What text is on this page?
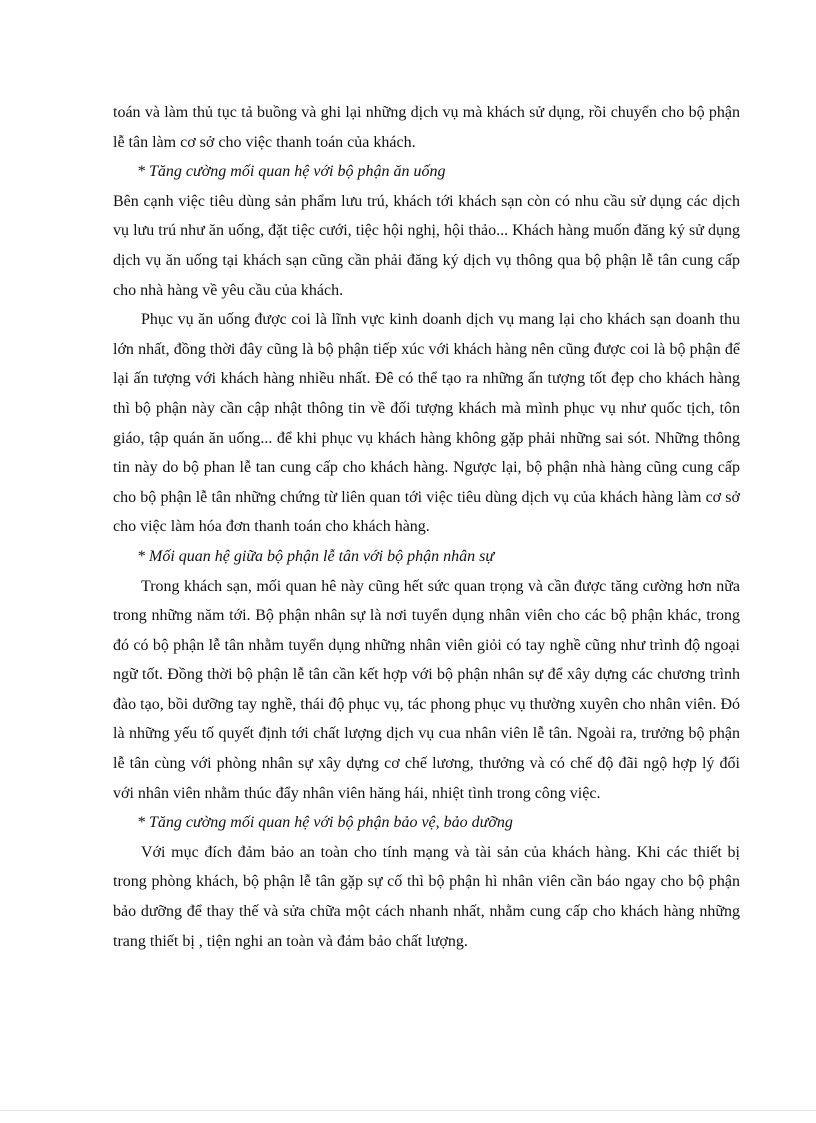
toán và làm thủ tục tả buồng và ghi lại những dịch vụ mà khách sử dụng, rồi chuyển cho bộ phận lễ tân làm cơ sở cho việc thanh toán của khách.

* Tăng cường mối quan hệ với bộ phận ăn uống

Bên cạnh việc tiêu dùng sản phẩm lưu trú, khách tới khách sạn còn có nhu cầu sử dụng các dịch vụ lưu trú như ăn uống, đặt tiệc cưới, tiệc hội nghị, hội thảo... Khách hàng muốn đăng ký sử dụng dịch vụ ăn uống tại khách sạn cũng cần phải đăng ký dịch vụ thông qua bộ phận lễ tân cung cấp cho nhà hàng về yêu cầu của khách.

Phục vụ ăn uống được coi là lĩnh vực kinh doanh dịch vụ mang lại cho khách sạn doanh thu lớn nhất, đồng thời đây cũng là bộ phận tiếp xúc với khách hàng nên cũng được coi là bộ phận để lại ấn tượng với khách hàng nhiều nhất. Đê có thể tạo ra những ấn tượng tốt đẹp cho khách hàng thì bộ phận này cần cập nhật thông tin về đối tượng khách mà mình phục vụ như quốc tịch, tôn giáo, tập quán ăn uống... để khi phục vụ khách hàng không gặp phải những sai sót. Những thông tin này do bộ phan lễ tan cung cấp cho khách hàng. Ngược lại, bộ phận nhà hàng cũng cung cấp cho bộ phận lễ tân những chứng từ liên quan tới việc tiêu dùng dịch vụ của khách hàng làm cơ sở cho việc làm hóa đơn thanh toán cho khách hàng.

* Mối quan hệ giữa bộ phận lễ tân với bộ phận nhân sự

Trong khách sạn, mối quan hê này cũng hết sức quan trọng và cần được tăng cường hơn nữa trong những năm tới. Bộ phận nhân sự là nơi tuyển dụng nhân viên cho các bộ phận khác, trong đó có bộ phận lễ tân nhằm tuyển dụng những nhân viên giỏi có tay nghề cũng như trình độ ngoại ngữ tốt. Đồng thời bộ phận lễ tân cần kết hợp với bộ phận nhân sự để xây dựng các chương trình đào tạo, bồi dưỡng tay nghề, thái độ phục vụ, tác phong phục vụ thường xuyên cho nhân viên. Đó là những yếu tố quyết định tới chất lượng dịch vụ cua nhân viên lễ tân. Ngoài ra, trưởng bộ phận lễ tân cùng với phòng nhân sự xây dựng cơ chế lương, thưởng và có chế độ đãi ngộ hợp lý đối với nhân viên nhằm thúc đẩy nhân viên hăng hái, nhiệt tình trong công việc.

* Tăng cường mối quan hệ với bộ phận bảo vệ, bảo dưỡng

Với mục đích đảm bảo an toàn cho tính mạng và tài sản của khách hàng. Khi các thiết bị trong phòng khách, bộ phận lễ tân gặp sự cố thì bộ phận hì nhân viên cần báo ngay cho bộ phận bảo dưỡng để thay thế và sửa chữa một cách nhanh nhất, nhằm cung cấp cho khách hàng những trang thiết bị , tiện nghi an toàn và đảm bảo chất lượng.
